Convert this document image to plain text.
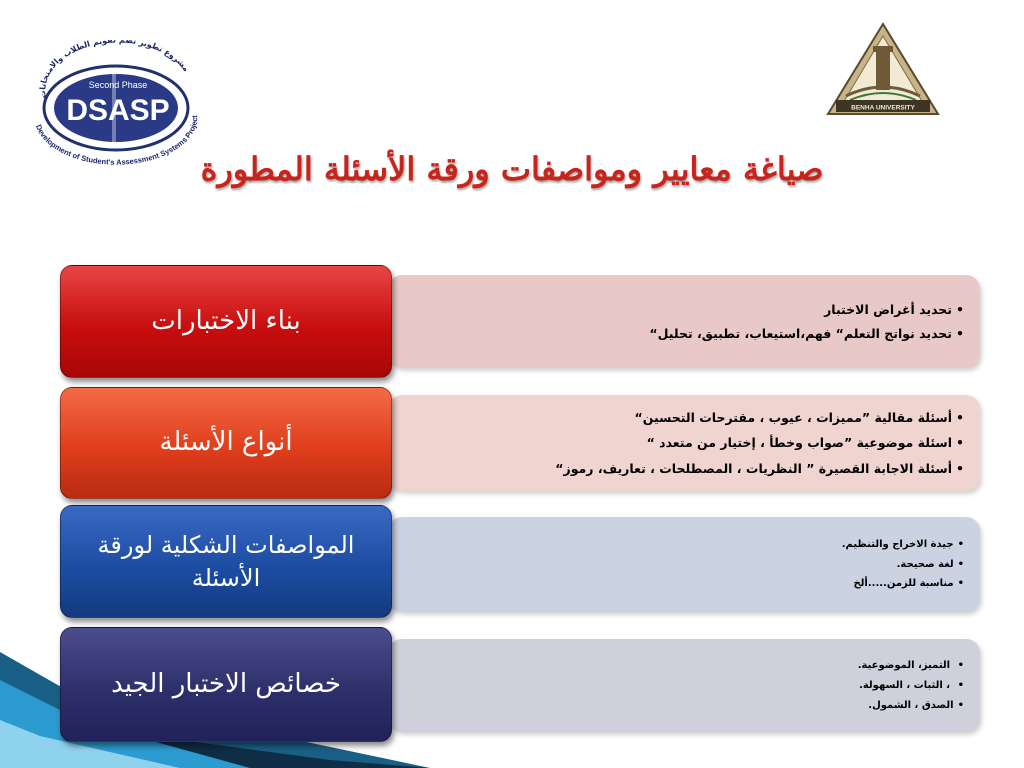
Second Phase
DSASP
مشروع تطوير نظم تقويم الطلاب والامتحانات
Development of Student's Assessment Systems Project
BENHA UNIVERSITY
صياغة معايير ومواصفات ورقة الأسئلة المطورة
• تحديد أغراض الاختبار
• تحديد نواتج التعلم“ فهم،استيعاب، تطبيق، تحليل“
بناء الاختبارات
• أسئلة مقالية ”مميزات ، عيوب ، مقترحات التحسين“
• اسئلة موضوعية ”صواب وخطأ ، إختيار من متعدد “
• أسئلة الاجابة القصيرة ” النظريات ، المصطلحات ، تعاريف، رموز“
أنواع الأسئلة
• جيدة الاخراج والتنظيم.
• لغة صحيحة.
• مناسبة للزمن.....ألخ
المواصفات الشكلية لورقة الأسئلة
• التميز، الموضوعية.
• ، الثبات ، السهولة.
• الصدق ، الشمول.
خصائص الاختبار الجيد
